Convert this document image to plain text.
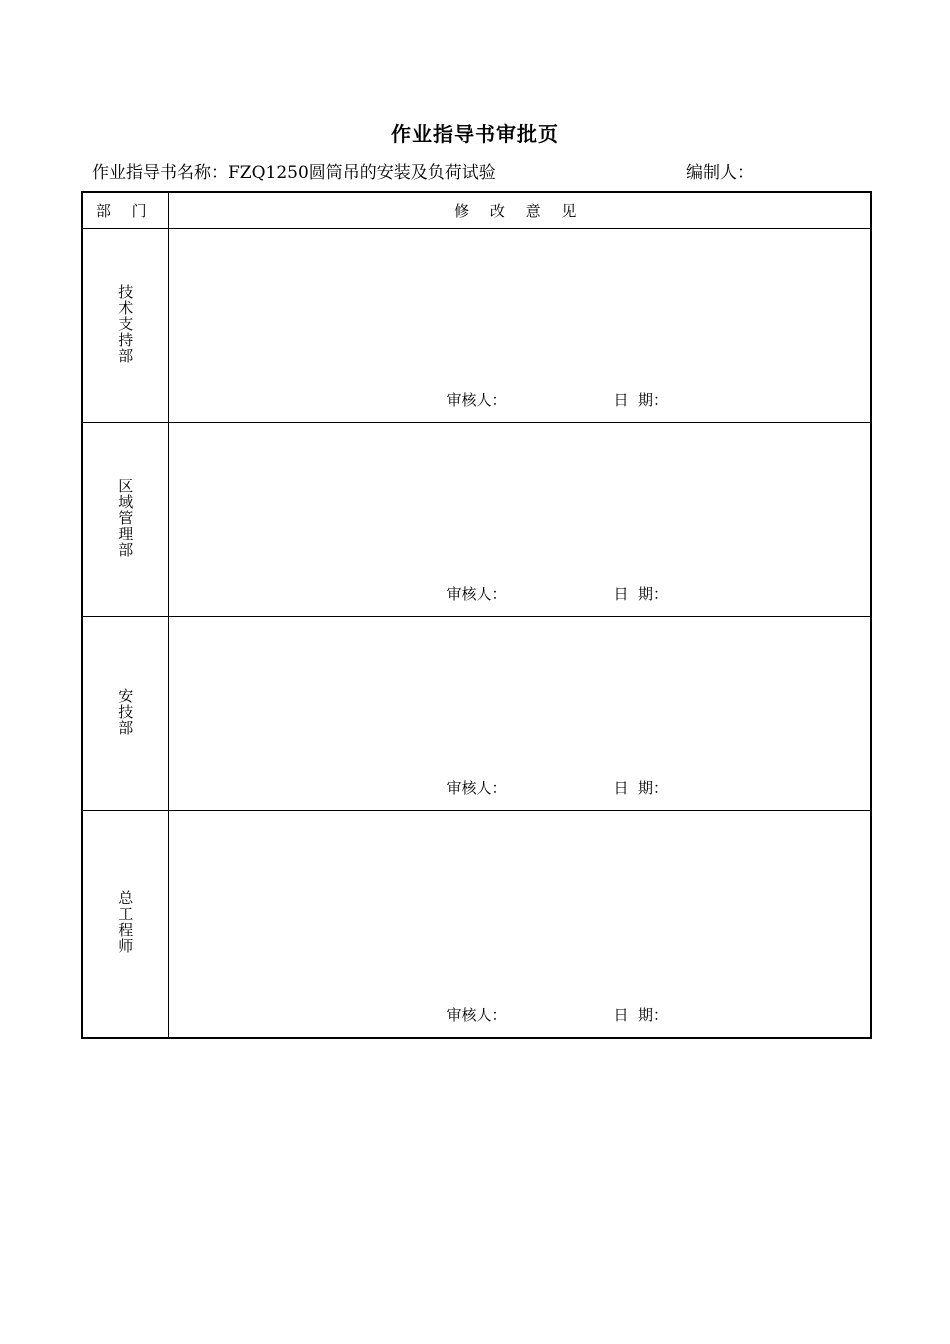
作业指导书审批页
作业指导书名称：FZQ1250圆筒吊的安装及负荷试验	编制人：
部 门	修 改 意 见
技术支持部	审核人： 日  期：

区域管理部	审核人： 日  期：

安技部	审核人： 日  期：

总工程师	审核人： 日  期：
